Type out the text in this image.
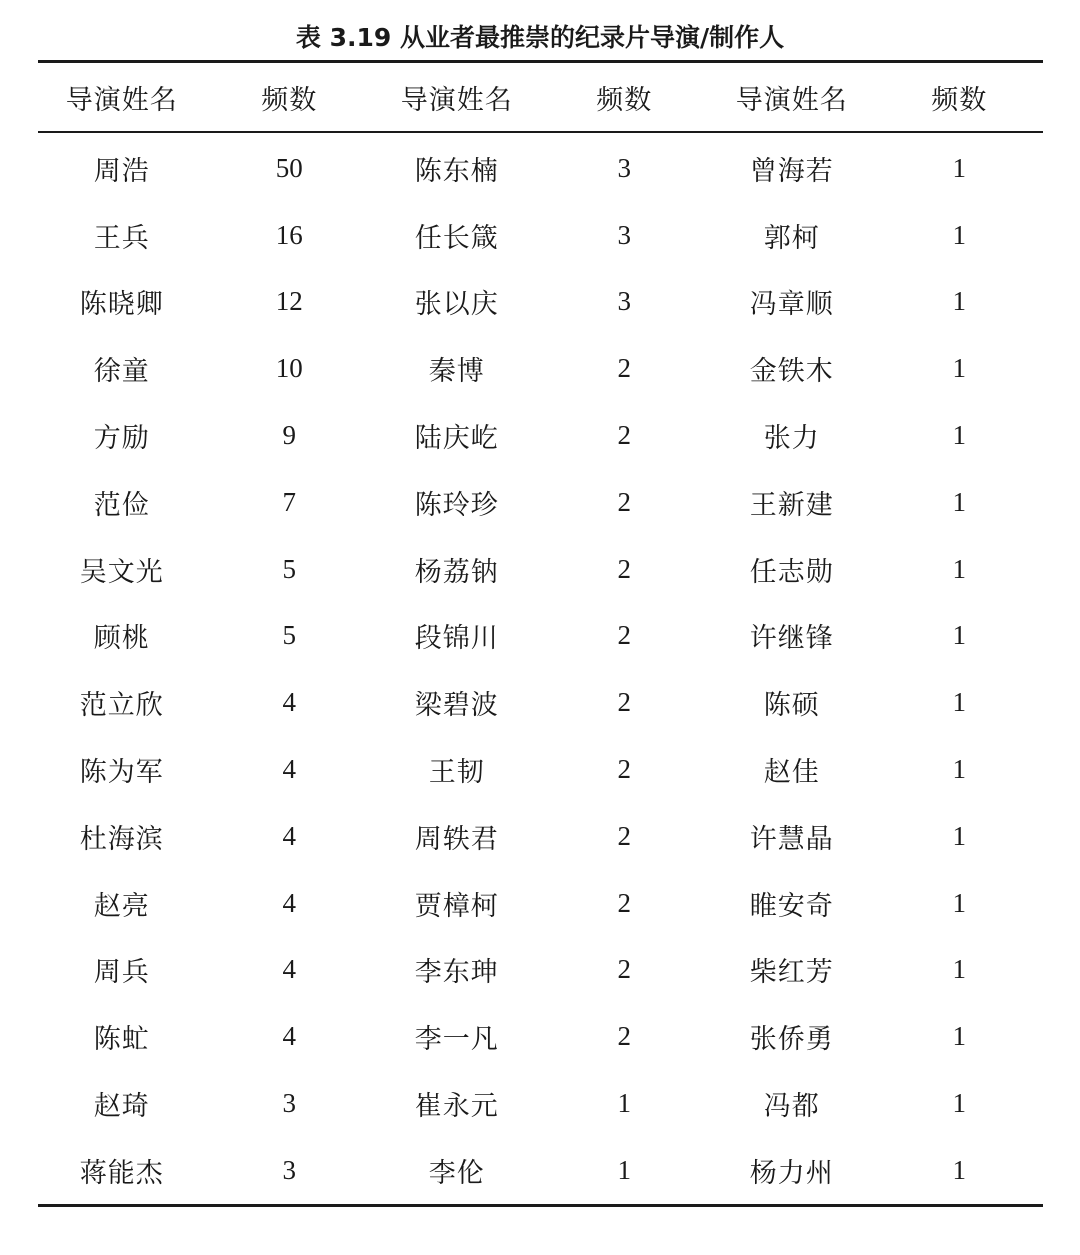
表 3.19 从业者最推崇的纪录片导演/制作人
导演姓名	频数	导演姓名	频数	导演姓名	频数
周浩	50	陈东楠	3	曾海若	1
王兵	16	任长箴	3	郭柯	1
陈晓卿	12	张以庆	3	冯章顺	1
徐童	10	秦博	2	金铁木	1
方励	9	陆庆屹	2	张力	1
范俭	7	陈玲珍	2	王新建	1
吴文光	5	杨荔钠	2	任志勋	1
顾桃	5	段锦川	2	许继锋	1
范立欣	4	梁碧波	2	陈硕	1
陈为军	4	王韧	2	赵佳	1
杜海滨	4	周轶君	2	许慧晶	1
赵亮	4	贾樟柯	2	睢安奇	1
周兵	4	李东珅	2	柴红芳	1
陈虻	4	李一凡	2	张侨勇	1
赵琦	3	崔永元	1	冯都	1
蒋能杰	3	李伦	1	杨力州	1
